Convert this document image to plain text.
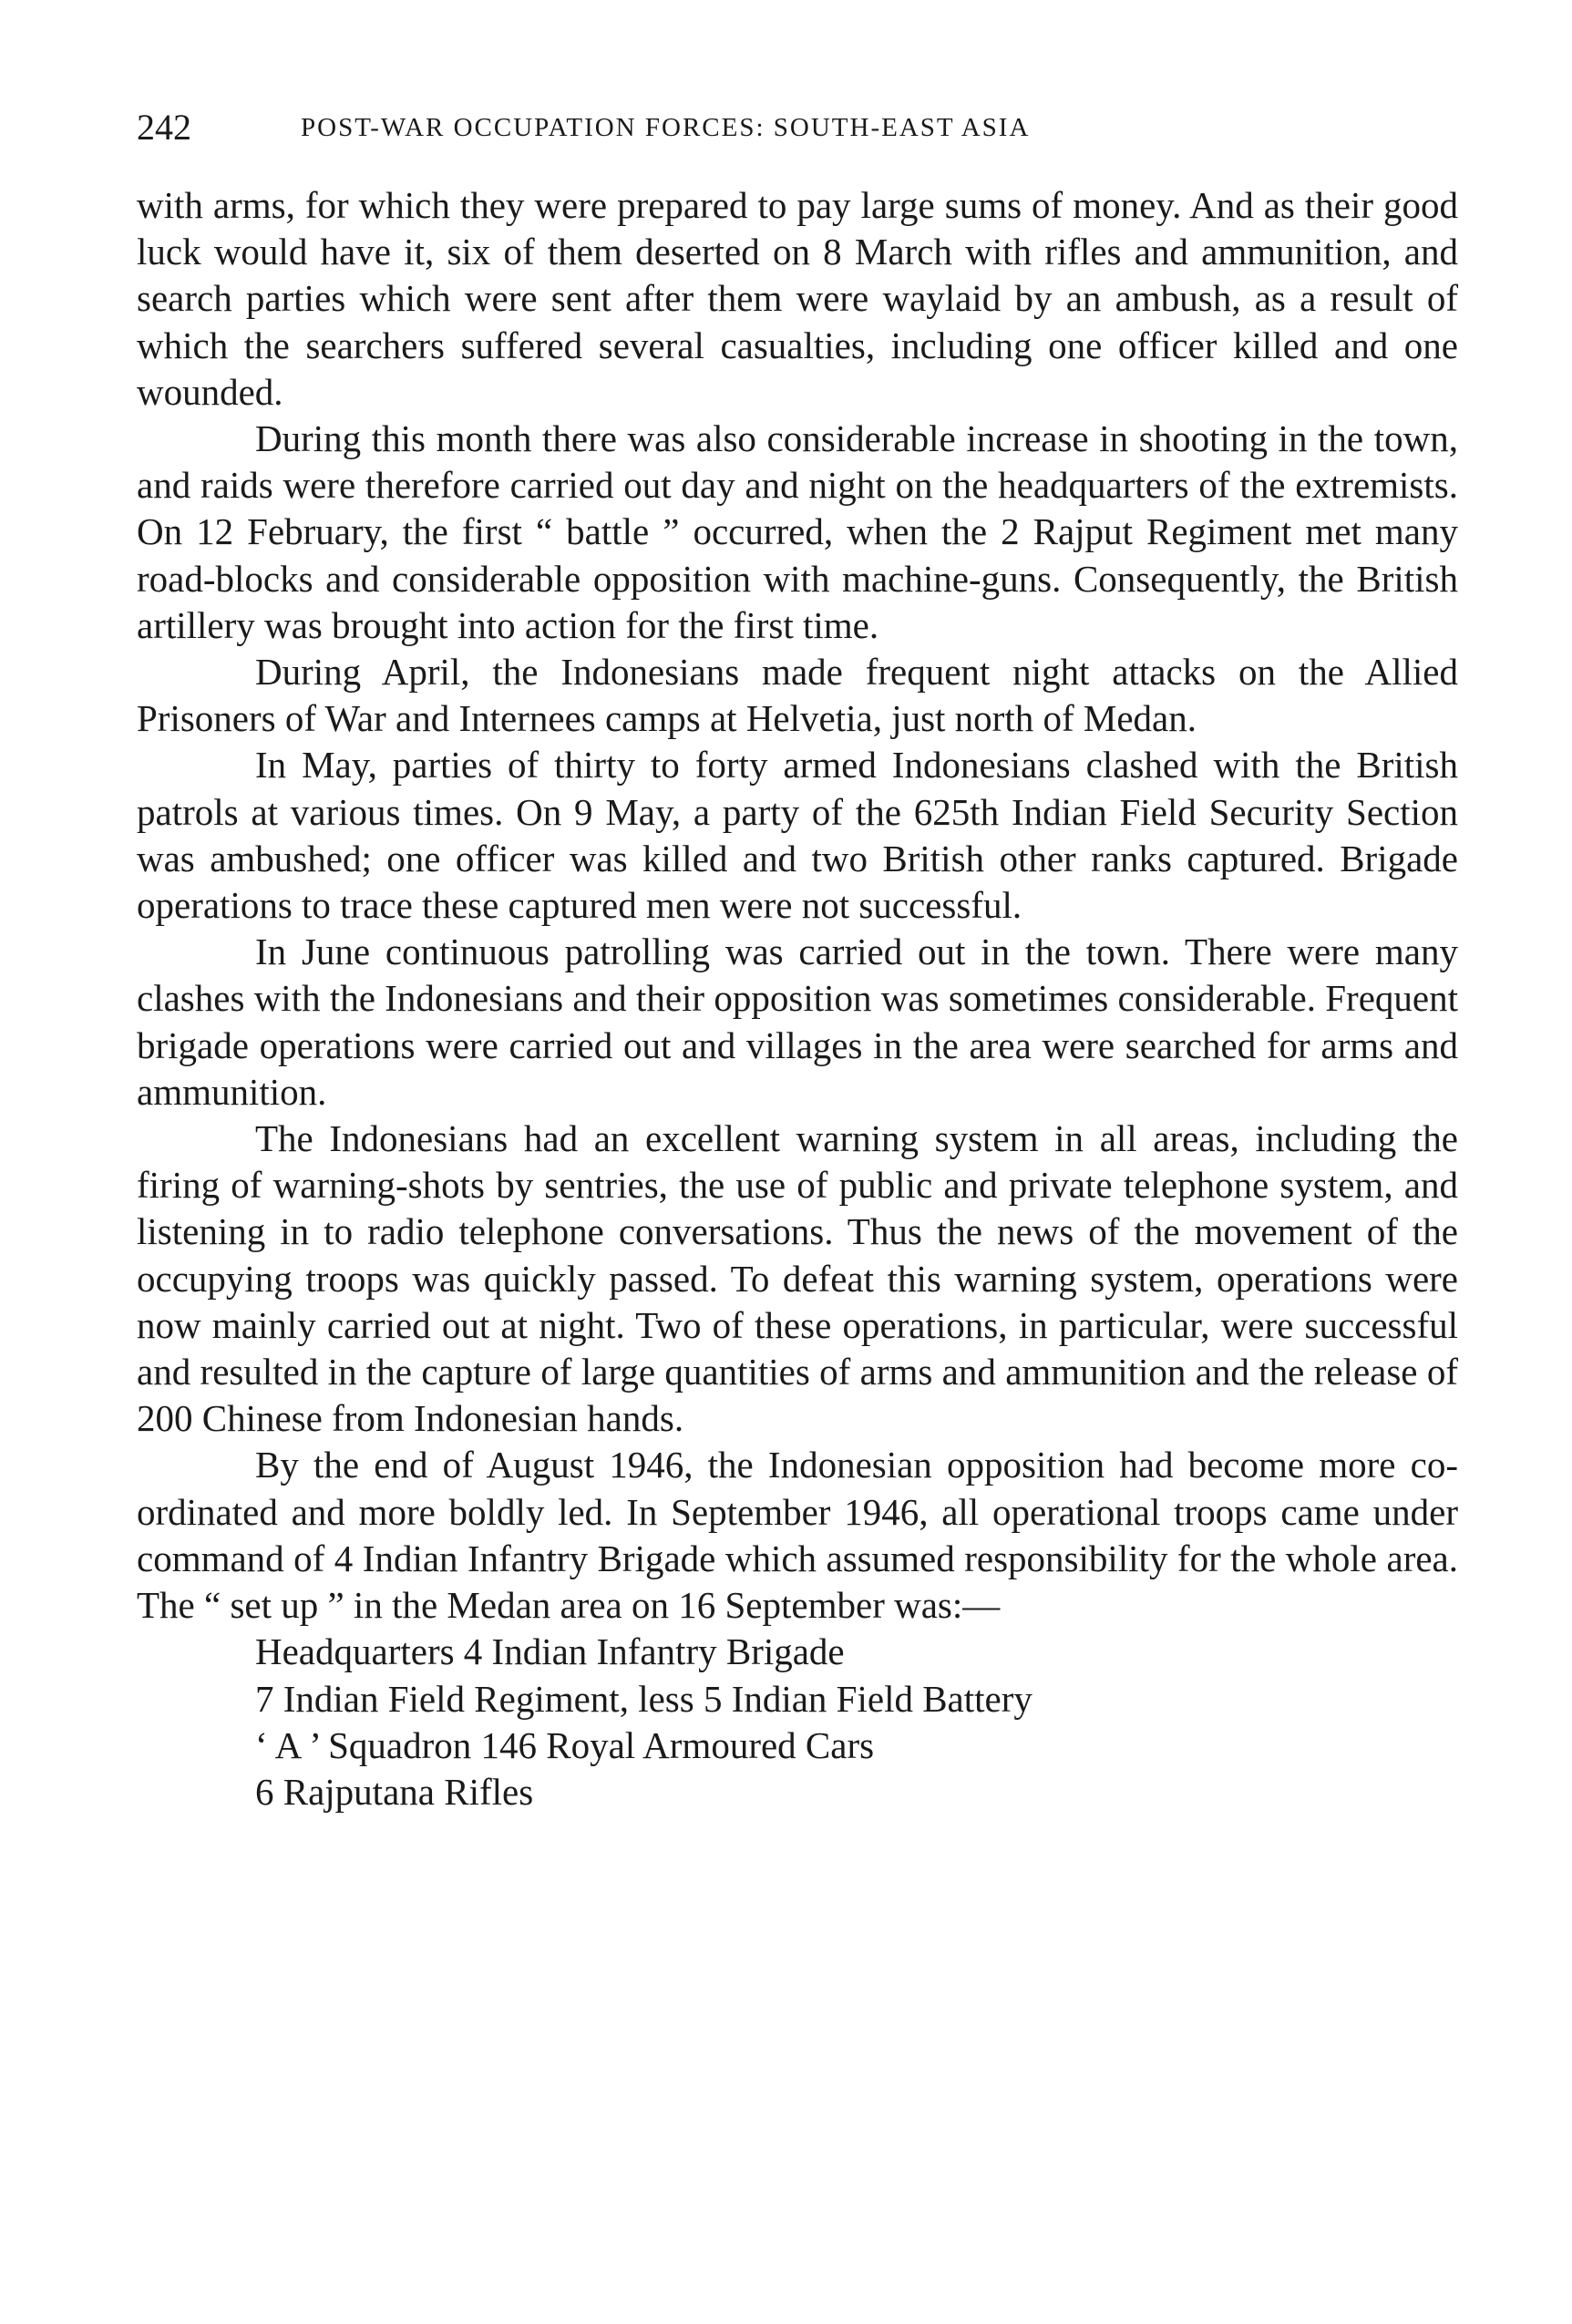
242	POST-WAR OCCUPATION FORCES: SOUTH-EAST ASIA

with arms, for which they were prepared to pay large sums of money. And as their good luck would have it, six of them deserted on 8 March with rifles and ammunition, and search parties which were sent after them were waylaid by an ambush, as a result of which the searchers suffered several casualties, including one officer killed and one wounded.

During this month there was also considerable increase in shooting in the town, and raids were therefore carried out day and night on the headquarters of the extremists. On 12 February, the first “ battle ” occurred, when the 2 Rajput Regiment met many road-blocks and considerable opposition with machine-guns. Consequently, the British artillery was brought into action for the first time.

During April, the Indonesians made frequent night attacks on the Allied Prisoners of War and Internees camps at Helvetia, just north of Medan.

In May, parties of thirty to forty armed Indonesians clashed with the British patrols at various times. On 9 May, a party of the 625th Indian Field Security Section was ambushed; one officer was killed and two British other ranks captured. Brigade operations to trace these captured men were not successful.

In June continuous patrolling was carried out in the town. There were many clashes with the Indonesians and their opposition was sometimes considerable. Frequent brigade operations were carried out and villages in the area were searched for arms and ammunition.

The Indonesians had an excellent warning system in all areas, including the firing of warning-shots by sentries, the use of public and private telephone system, and listening in to radio telephone conversations. Thus the news of the movement of the occupying troops was quickly passed. To defeat this warning system, operations were now mainly carried out at night. Two of these operations, in particular, were successful and resulted in the capture of large quantities of arms and ammunition and the release of 200 Chinese from Indonesian hands.

By the end of August 1946, the Indonesian opposition had become more co-ordinated and more boldly led. In September 1946, all operational troops came under command of 4 Indian Infantry Brigade which assumed responsibility for the whole area. The “ set up ” in the Medan area on 16 September was:—

Headquarters 4 Indian Infantry Brigade
7 Indian Field Regiment, less 5 Indian Field Battery
‘ A ’ Squadron 146 Royal Armoured Cars
6 Rajputana Rifles
